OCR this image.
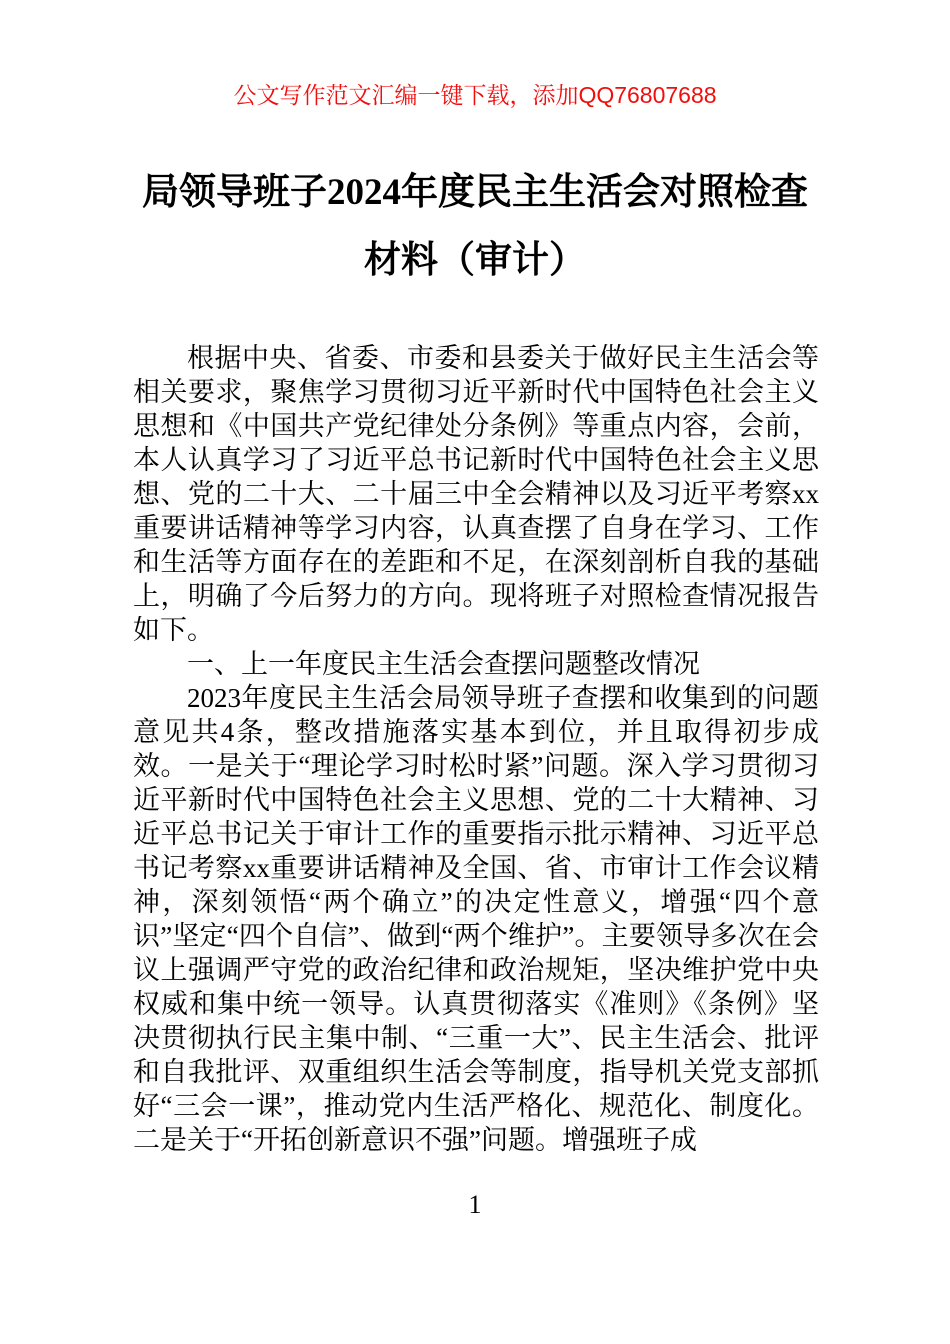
公文写作范文汇编一键下载，添加QQ76807688
局领导班子2024年度民主生活会对照检查
材料（审计）

根据中央、省委、市委和县委关于做好民主生活会等相关要求，聚焦学习贯彻习近平新时代中国特色社会主义思想和《中国共产党纪律处分条例》等重点内容，会前，本人认真学习了习近平总书记新时代中国特色社会主义思想、党的二十大、二十届三中全会精神以及习近平考察xx重要讲话精神等学习内容，认真查摆了自身在学习、工作和生活等方面存在的差距和不足，在深刻剖析自我的基础上，明确了今后努力的方向。现将班子对照检查情况报告如下。

一、上一年度民主生活会查摆问题整改情况

2023年度民主生活会局领导班子查摆和收集到的问题意见共4条，整改措施落实基本到位，并且取得初步成效。一是关于“理论学习时松时紧”问题。深入学习贯彻习近平新时代中国特色社会主义思想、党的二十大精神、习近平总书记关于审计工作的重要指示批示精神、习近平总书记考察xx重要讲话精神及全国、省、市审计工作会议精神，深刻领悟“两个确立”的决定性意义，增强“四个意识”坚定“四个自信”、做到“两个维护”。主要领导多次在会议上强调严守党的政治纪律和政治规矩，坚决维护党中央权威和集中统一领导。认真贯彻落实《准则》《条例》坚决贯彻执行民主集中制、“三重一大”、民主生活会、批评和自我批评、双重组织生活会等制度，指导机关党支部抓好“三会一课”，推动党内生活严格化、规范化、制度化。二是关于“开拓创新意识不强”问题。增强班子成

1
